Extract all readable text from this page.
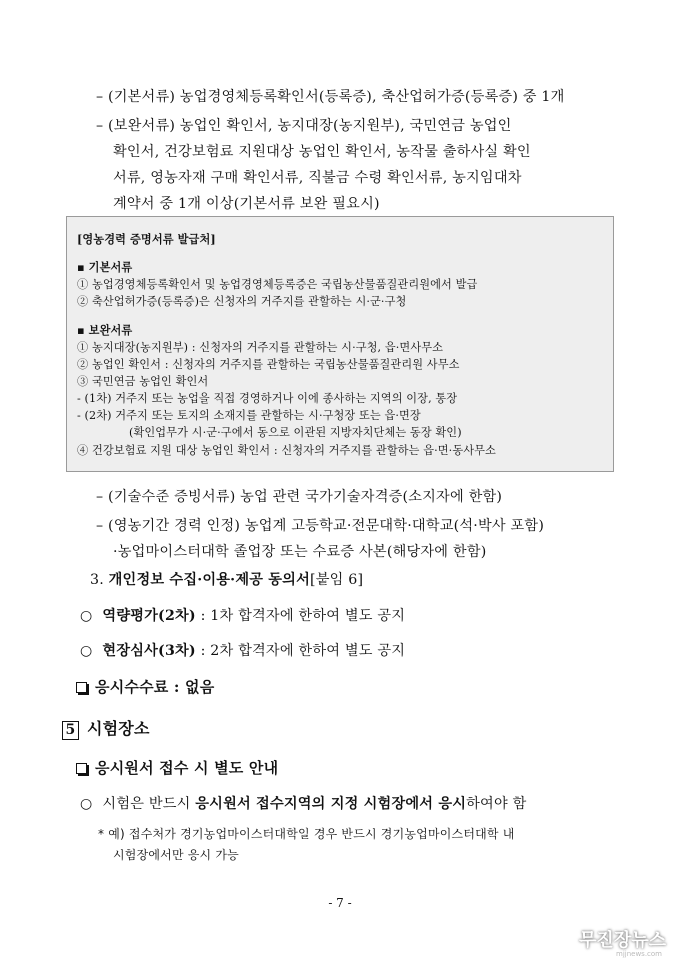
– (기본서류) 농업경영체등록확인서(등록증), 축산업허가증(등록증) 중 1개
– (보완서류) 농업인 확인서, 농지대장(농지원부), 국민연금 농업인
확인서, 건강보험료 지원대상 농업인 확인서, 농작물 출하사실 확인
서류, 영농자재 구매 확인서류, 직불금 수령 확인서류, 농지임대차
계약서 중 1개 이상(기본서류 보완 필요시)
[영농경력 증명서류 발급처]
▪ 기본서류
① 농업경영체등록확인서 및 농업경영체등록증은 국립농산물품질관리원에서 발급
② 축산업허가증(등록증)은 신청자의 거주지를 관할하는 시·군·구청
▪ 보완서류
① 농지대장(농지원부) : 신청자의 거주지를 관할하는 시·구청, 읍·면사무소
② 농업인 확인서 : 신청자의 거주지를 관할하는 국립농산물품질관리원 사무소
③ 국민연금 농업인 확인서
- (1차) 거주지 또는 농업을 직접 경영하거나 이에 종사하는 지역의 이장, 통장
- (2차) 거주지 또는 토지의 소재지를 관할하는 시·구청장 또는 읍·면장
(확인업무가 시·군·구에서 동으로 이관된 지방자치단체는 동장 확인)
④ 건강보험료 지원 대상 농업인 확인서 : 신청자의 거주지를 관할하는 읍·면·동사무소
– (기술수준 증빙서류) 농업 관련 국가기술자격증(소지자에 한함)
– (영농기간 경력 인정) 농업계 고등학교·전문대학·대학교(석·박사 포함)
·농업마이스터대학 졸업장 또는 수료증 사본(해당자에 한함)
3. 개인정보 수집·이용·제공 동의서[붙임 6]
○ 역량평가(2차) : 1차 합격자에 한하여 별도 공지
○ 현장심사(3차) : 2차 합격자에 한하여 별도 공지
응시수수료 : 없음
5 시험장소
응시원서 접수 시 별도 안내
○ 시험은 반드시 응시원서 접수지역의 지정 시험장에서 응시하여야 함
* 예) 접수처가 경기농업마이스터대학일 경우 반드시 경기농업마이스터대학 내
시험장에서만 응시 가능
- 7 -
무진장뉴스
mjjnews.com
